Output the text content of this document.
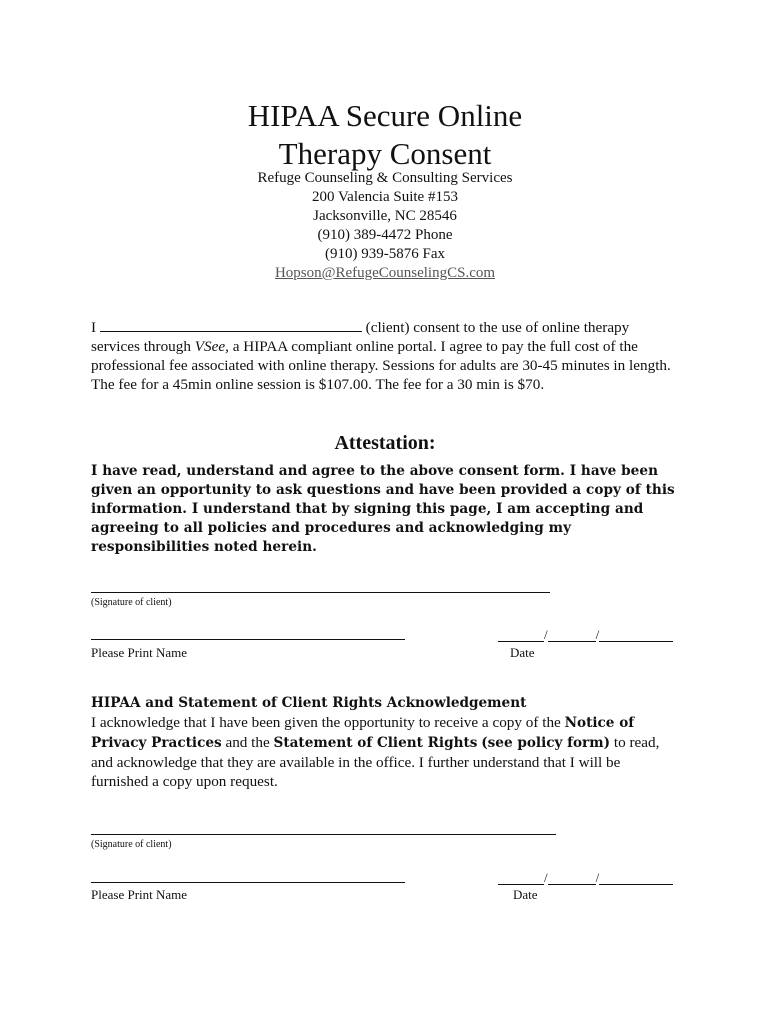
HIPAA Secure Online
Therapy Consent
Refuge Counseling & Consulting Services
200 Valencia Suite #153
Jacksonville, NC 28546
(910) 389-4472 Phone
(910) 939-5876 Fax
Hopson@RefugeCounselingCS.com
I	(client) consent to the use of online therapy
services through VSee, a HIPAA compliant online portal. I agree to pay the full cost of the professional fee associated with online therapy. Sessions for adults are 30-45 minutes in length. The fee for a 45min online session is $107.00. The fee for a 30 min is $70.
Attestation:
I have read, understand and agree to the above consent form. I have been given an opportunity to ask questions and have been provided a copy of this information. I understand that by signing this page, I am accepting and agreeing to all policies and procedures and acknowledging my responsibilities noted herein.
(Signature of client)
Please Print Name
/	/
Date
HIPAA and Statement of Client Rights Acknowledgement
I acknowledge that I have been given the opportunity to receive a copy of the Notice of Privacy Practices and the Statement of Client Rights (see policy form) to read, and acknowledge that they are available in the office. I further understand that I will be furnished a copy upon request.
(Signature of client)
Please Print Name
/	/
Date
